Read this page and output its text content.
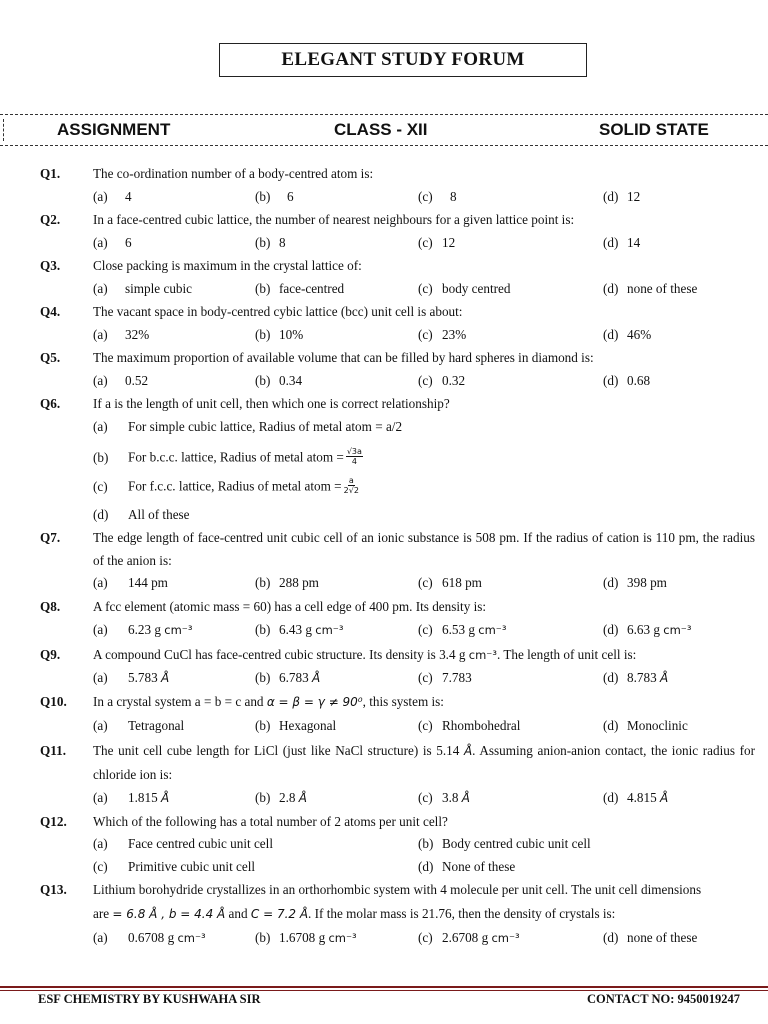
ELEGANT STUDY FORUM
ASSIGNMENT	CLASS - XII	SOLID STATE
Q1. The co-ordination number of a body-centred atom is:
(a) 4	(b) 6	(c) 8	(d) 12
Q2. In a face-centred cubic lattice, the number of nearest neighbours for a given lattice point is:
(a) 6	(b) 8	(c) 12	(d) 14
Q3. Close packing is maximum in the crystal lattice of:
(a) simple cubic	(b) face-centred	(c) body centred	(d) none of these
Q4. The vacant space in body-centred cybic lattice (bcc) unit cell is about:
(a) 32%	(b) 10%	(c) 23%	(d) 46%
Q5. The maximum proportion of available volume that can be filled by hard spheres in diamond is:
(a) 0.52	(b) 0.34	(c) 0.32	(d) 0.68
Q6. If a is the length of unit cell, then which one is correct relationship?
(a) For simple cubic lattice, Radius of metal atom = a/2
(b) For b.c.c. lattice, Radius of metal atom = $\frac{√3a}{4}$
(c) For f.c.c. lattice, Radius of metal atom = $\frac{a}{2√2}$
(d) All of these
Q7. The edge length of face-centred unit cubic cell of an ionic substance is 508 pm. If the radius of cation is 110 pm, the radius of the anion is:
(a) 144 pm	(b) 288 pm	(c) 618 pm	(d) 398 pm
Q8. A fcc element (atomic mass = 60) has a cell edge of 400 pm. Its density is:
(a) 6.23 g cm⁻³	(b) 6.43 g cm⁻³	(c) 6.53 g cm⁻³	(d) 6.63 g cm⁻³
Q9. A compound CuCl has face-centred cubic structure. Its density is 3.4 g cm⁻³. The length of unit cell is:
(a) 5.783 Å	(b) 6.783 Å	(c) 7.783	(d) 8.783 Å
Q10. In a crystal system a = b = c and α = β = γ ≠ 90⁰, this system is:
(a) Tetragonal	(b) Hexagonal	(c) Rhombohedral	(d) Monoclinic
Q11. The unit cell cube length for LiCl (just like NaCl structure) is 5.14 Å. Assuming anion-anion contact, the ionic radius for chloride ion is:
(a) 1.815 Å	(b) 2.8 Å	(c) 3.8 Å	(d) 4.815 Å
Q12. Which of the following has a total number of 2 atoms per unit cell?
(a) Face centred cubic unit cell	(b) Body centred cubic unit cell
(c) Primitive cubic unit cell	(d) None of these
Q13. Lithium borohydride crystallizes in an orthorhombic system with 4 molecule per unit cell. The unit cell dimensions
are = 6.8 Å , b = 4.4 Å and C = 7.2 Å. If the molar mass is 21.76, then the density of crystals is:
(a) 0.6708 g cm⁻³	(b) 1.6708 g cm⁻³	(c) 2.6708 g cm⁻³	(d) none of these
ESF CHEMISTRY BY KUSHWAHA SIR	CONTACT NO: 9450019247
